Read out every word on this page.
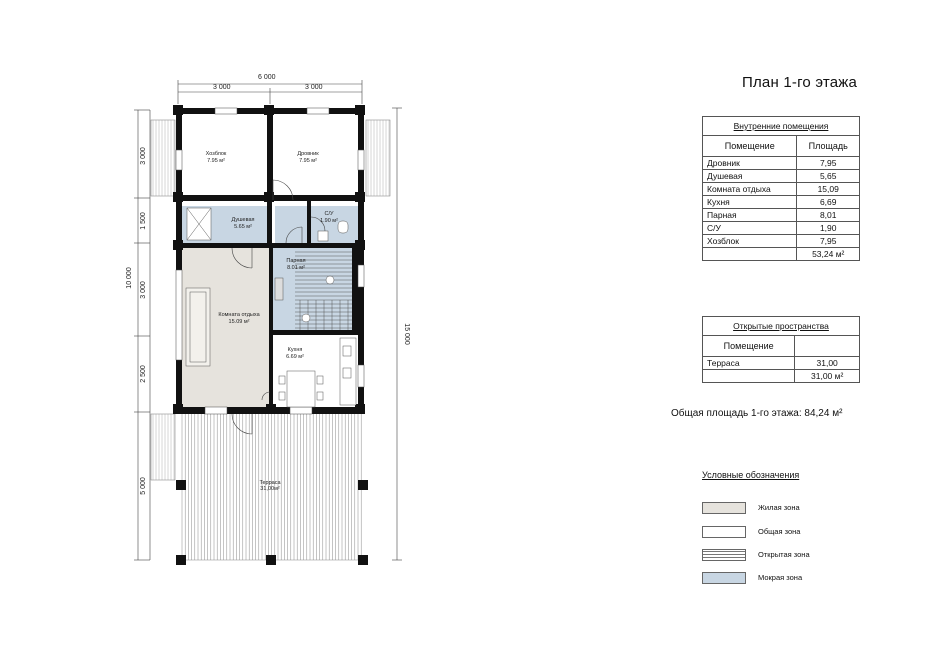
6 000
3 000	3 000
10 000
3 000
1 500
3 000
2 500
5 000
15 000
Хозблок
7.95 м²
Дровник
7.95 м²
Душевая
5.65 м²
С/У
1.90 м²
Парная
8.01 м²
Комната отдыха
15.09 м²
Кухня
6.69 м²
Терраса
31,00м²
План 1-го этажа
Внутренние помещения	
Помещение	Площадь
Дровник	7,95
Душевая	5,65
Комната отдыха	15,09
Кухня	6,69
Парная	8,01
С/У	1,90
Хозблок	7,95
	53,24 м²
Открытые пространства	
Помещение	
Терраса	31,00
	31,00 м²
Общая площадь 1-го этажа: 84,24 м²
Условные обозначения
Жилая зона
Общая зона
Открытая зона
Мокрая зона
